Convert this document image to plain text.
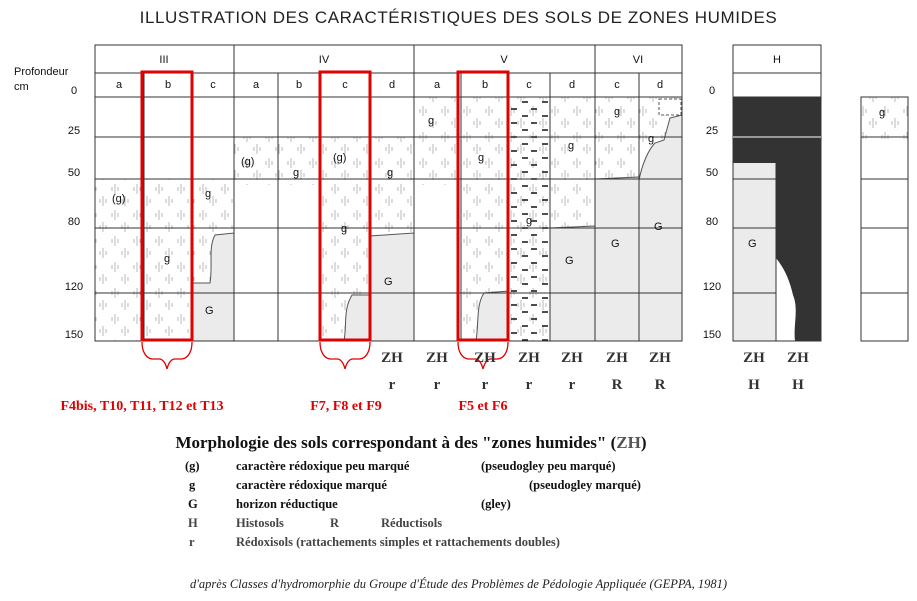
ILLUSTRATION DES CARACTÉRISTIQUES DES SOLS DE ZONES HUMIDES
Profondeur
cm	0
25
50
80
120
150
0
25
50
80
120
150
III	IV	V	VI	H
a	b	c	a	b	c	d	a	b	c	d	c	d
(g)	g
g
G
(g)
g
(g)
g
g
G
g
g
g
g
G
g
g
G
G
G
g
ZH ZH ZH ZH ZH ZH ZH	ZH ZH
r	r	r r r R R	H H
F4bis, T10, T11, T12 et T13	F7, F8 et F9	F5 et F6
Morphologie des sols correspondant à des "zones humides" (ZH)
(g)	caractère rédoxique peu marqué	(pseudogley peu marqué)
g	caractère rédoxique marqué	(pseudogley marqué)
G	horizon réductique	(gley)
H	Histosols	R	Réductisols
r	Rédoxisols (rattachements simples et rattachements doubles)
d'après Classes d'hydromorphie du Groupe d'Étude des Problèmes de Pédologie Appliquée (GEPPA, 1981)
